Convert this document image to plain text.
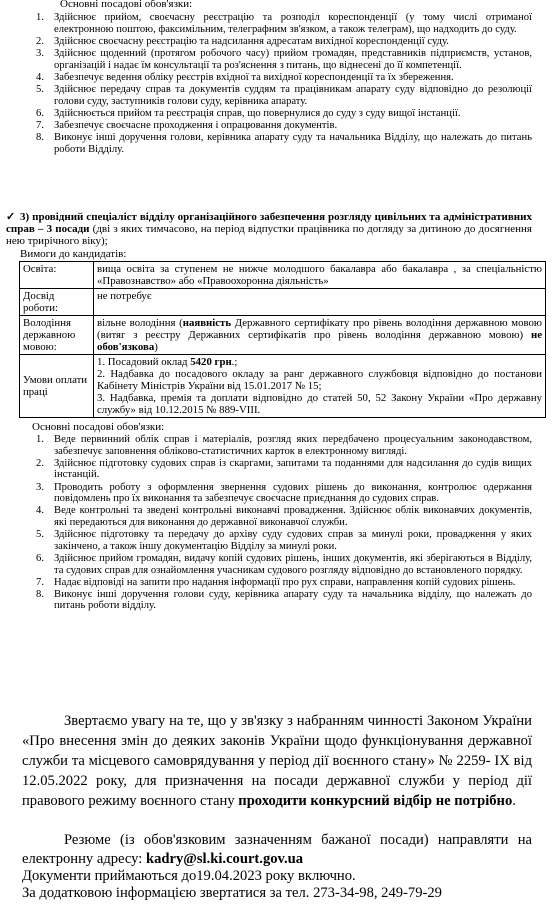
Основні посадові обов'язки:
1. Здійснює прийом, своєчасну реєстрацію та розподіл кореспонденції (у тому числі отриманої електронною поштою, факсимільним, телеграфним зв'язком, а також телеграм), що надходить до суду.
2. Здійснює своєчасну реєстрацію та надсилання адресатам вихідної кореспонденції суду.
3. Здійснює щоденний (протягом робочого часу) прийом громадян, представників підприємств, установ, організацій і надає їм консультації та роз'яснення з питань, що віднесені до її компетенції.
4. Забезпечує ведення обліку реєстрів вхідної та вихідної кореспонденції та їх збереження.
5. Здійснює передачу справ та документів суддям та працівникам апарату суду відповідно до резолюції голови суду, заступників голови суду, керівника апарату.
6. Здійснюється прийом та реєстрація справ, що повернулися до суду з суду вищої інстанції.
7. Забезпечує своєчасне проходження і опрацювання документів.
8. Виконує інші доручення голови, керівника апарату суду та начальника Відділу, що належать до питань роботи Відділу.
✓ 3) провідний спеціаліст відділу організаційного забезпечення розгляду цивільних та адміністративних справ – 3 посади (дві з яких тимчасово, на період відпустки працівника по догляду за дитиною до досягнення нею трирічного віку);
Вимоги до кандидатів:
Освіта:	вища освіта за ступенем не нижче молодшого бакалавра або бакалавра , за спеціальністю «Правознавство» або «Правоохоронна діяльність»
Досвід роботи:	не потребує
Володіння державною мовою:	вільне володіння (наявність Державного сертифікату про рівень володіння державною мовою (витяг з реєстру Державних сертифікатів про рівень володіння державною мовою) не обов'язкова)
Умови оплати праці	1. Посадовий оклад 5420 грн.;
2. Надбавка до посадового окладу за ранг державного службовця відповідно до постанови Кабінету Міністрів України від 15.01.2017 № 15;
3. Надбавка, премія та доплати відповідно до статей 50, 52 Закону України «Про державну службу» від 10.12.2015 № 889-VIII.
Основні посадові обов'язки:
1. Веде первинний облік справ і матеріалів, розгляд яких передбачено процесуальним законодавством, забезпечує заповнення обліково-статистичних карток в електронному вигляді.
2. Здійснює підготовку судових справ із скаргами, запитами та поданнями для надсилання до судів вищих інстанцій.
3. Проводить роботу з оформлення звернення судових рішень до виконання, контролює одержання повідомлень про їх виконання та забезпечує своєчасне приєднання до судових справ.
4. Веде контрольні та зведені контрольні виконавчі провадження. Здійснює облік виконавчих документів, які передаються для виконання до державної виконавчої служби.
5. Здійснює підготовку та передачу до архіву суду судових справ за минулі роки, провадження у яких закінчено, а також іншу документацію Відділу за минулі роки.
6. Здійснює прийом громадян, видачу копій судових рішень, інших документів, які зберігаються в Відділу, та судових справ для ознайомлення учасникам судового розгляду відповідно до встановленого порядку.
7. Надає відповіді на запити про надання інформації про рух справи, направлення копій судових рішень.
8. Виконує інші доручення голови суду, керівника апарату суду та начальника відділу, що належать до питань роботи відділу.
Звертаємо увагу на те, що у зв'язку з набранням чинності Законом України «Про внесення змін до деяких законів України щодо функціонування державної служби та місцевого самоврядування у період дії воєнного стану» № 2259- IX від 12.05.2022 року, для призначення на посади державної служби у період дії правового режиму воєнного стану проходити конкурсний відбір не потрібно.
Резюме (із обов'язковим зазначенням бажаної посади) направляти на електронну адресу: kadry@sl.ki.court.gov.ua
Документи приймаються до19.04.2023 року включно.
За додатковою інформацією звертатися за тел. 273-34-98, 249-79-29
